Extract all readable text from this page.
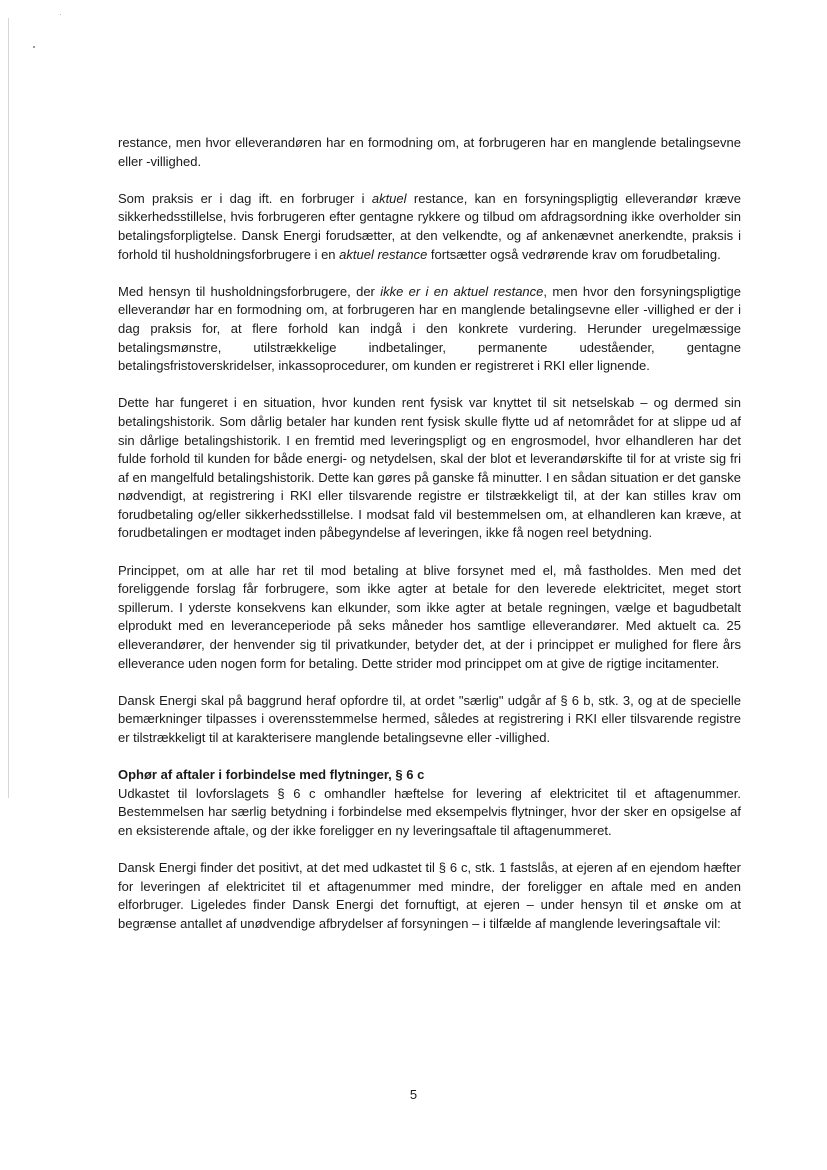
restance, men hvor elleverandøren har en formodning om, at forbrugeren har en manglende betalingsevne eller -villighed.

Som praksis er i dag ift. en forbruger i aktuel restance, kan en forsyningspligtig elleverandør kræve sikkerhedsstillelse, hvis forbrugeren efter gentagne rykkere og tilbud om afdragsordning ikke overholder sin betalingsforpligtelse. Dansk Energi forudsætter, at den velkendte, og af ankenævnet anerkendte, praksis i forhold til husholdningsforbrugere i en aktuel restance fortsætter også vedrørende krav om forudbetaling.

Med hensyn til husholdningsforbrugere, der ikke er i en aktuel restance, men hvor den forsyningspligtige elleverandør har en formodning om, at forbrugeren har en manglende betalingsevne eller -villighed er der i dag praksis for, at flere forhold kan indgå i den konkrete vurdering. Herunder uregelmæssige betalingsmønstre, utilstrækkelige indbetalinger, permanente udeståender, gentagne betalingsfristoverskridelser, inkassoprocedurer, om kunden er registreret i RKI eller lignende.

Dette har fungeret i en situation, hvor kunden rent fysisk var knyttet til sit netselskab – og dermed sin betalingshistorik. Som dårlig betaler har kunden rent fysisk skulle flytte ud af netområdet for at slippe ud af sin dårlige betalingshistorik. I en fremtid med leveringspligt og en engrosmodel, hvor elhandleren har det fulde forhold til kunden for både energi- og netydelsen, skal der blot et leverandørskifte til for at vriste sig fri af en mangelfuld betalingshistorik. Dette kan gøres på ganske få minutter. I en sådan situation er det ganske nødvendigt, at registrering i RKI eller tilsvarende registre er tilstrækkeligt til, at der kan stilles krav om forudbetaling og/eller sikkerhedsstillelse. I modsat fald vil bestemmelsen om, at elhandleren kan kræve, at forudbetalingen er modtaget inden påbegyndelse af leveringen, ikke få nogen reel betydning.

Princippet, om at alle har ret til mod betaling at blive forsynet med el, må fastholdes. Men med det foreliggende forslag får forbrugere, som ikke agter at betale for den leverede elektricitet, meget stort spillerum. I yderste konsekvens kan elkunder, som ikke agter at betale regningen, vælge et bagudbetalt elprodukt med en leveranceperiode på seks måneder hos samtlige elleverandører. Med aktuelt ca. 25 elleverandører, der henvender sig til privatkunder, betyder det, at der i princippet er mulighed for flere års elleverance uden nogen form for betaling. Dette strider mod princippet om at give de rigtige incitamenter.

Dansk Energi skal på baggrund heraf opfordre til, at ordet "særlig" udgår af § 6 b, stk. 3, og at de specielle bemærkninger tilpasses i overensstemmelse hermed, således at registrering i RKI eller tilsvarende registre er tilstrækkeligt til at karakterisere manglende betalingsevne eller -villighed.

Ophør af aftaler i forbindelse med flytninger, § 6 c

Udkastet til lovforslagets § 6 c omhandler hæftelse for levering af elektricitet til et aftagenummer. Bestemmelsen har særlig betydning i forbindelse med eksempelvis flytninger, hvor der sker en opsigelse af en eksisterende aftale, og der ikke foreligger en ny leveringsaftale til aftagenummeret.

Dansk Energi finder det positivt, at det med udkastet til § 6 c, stk. 1 fastslås, at ejeren af en ejendom hæfter for leveringen af elektricitet til et aftagenummer med mindre, der foreligger en aftale med en anden elforbruger. Ligeledes finder Dansk Energi det fornuftigt, at ejeren – under hensyn til et ønske om at begrænse antallet af unødvendige afbrydelser af forsyningen – i tilfælde af manglende leveringsaftale vil:

5
